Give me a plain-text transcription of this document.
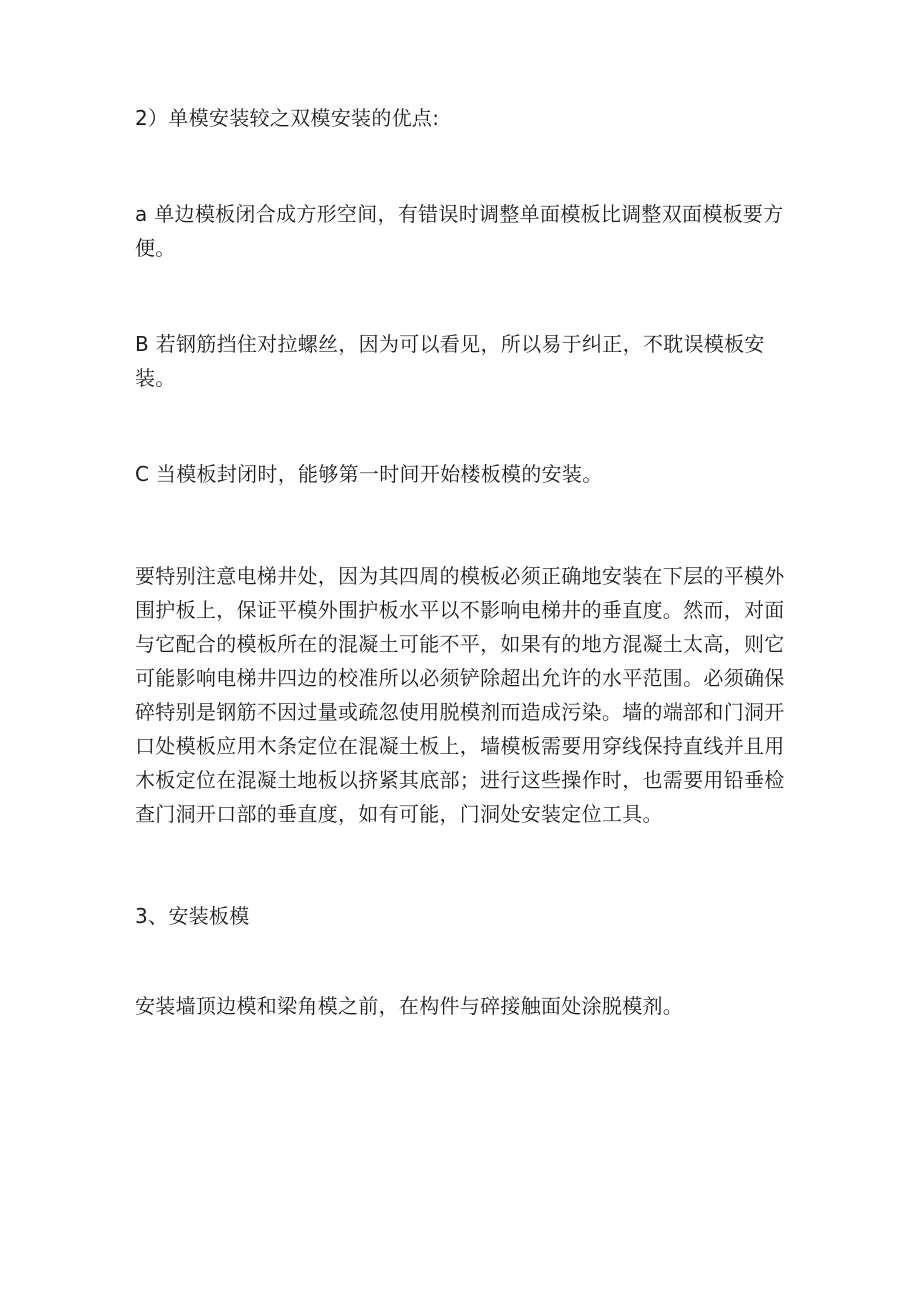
2）单模安装较之双模安装的优点:

a 单边模板闭合成方形空间，有错误时调整单面模板比调整双面模板要方便。

B 若钢筋挡住对拉螺丝，因为可以看见，所以易于纠正，不耽误模板安装。

C 当模板封闭时，能够第一时间开始楼板模的安装。

要特别注意电梯井处，因为其四周的模板必须正确地安装在下层的平模外围护板上，保证平模外围护板水平以不影响电梯井的垂直度。然而，对面与它配合的模板所在的混凝土可能不平，如果有的地方混凝土太高，则它可能影响电梯井四边的校准所以必须铲除超出允许的水平范围。必须确保碎特别是钢筋不因过量或疏忽使用脱模剂而造成污染。墙的端部和门洞开口处模板应用木条定位在混凝土板上，墙模板需要用穿线保持直线并且用木板定位在混凝土地板以挤紧其底部；进行这些操作时，也需要用铅垂检查门洞开口部的垂直度，如有可能，门洞处安装定位工具。

3、安装板模

安装墙顶边模和梁角模之前，在构件与碎接触面处涂脱模剂。
